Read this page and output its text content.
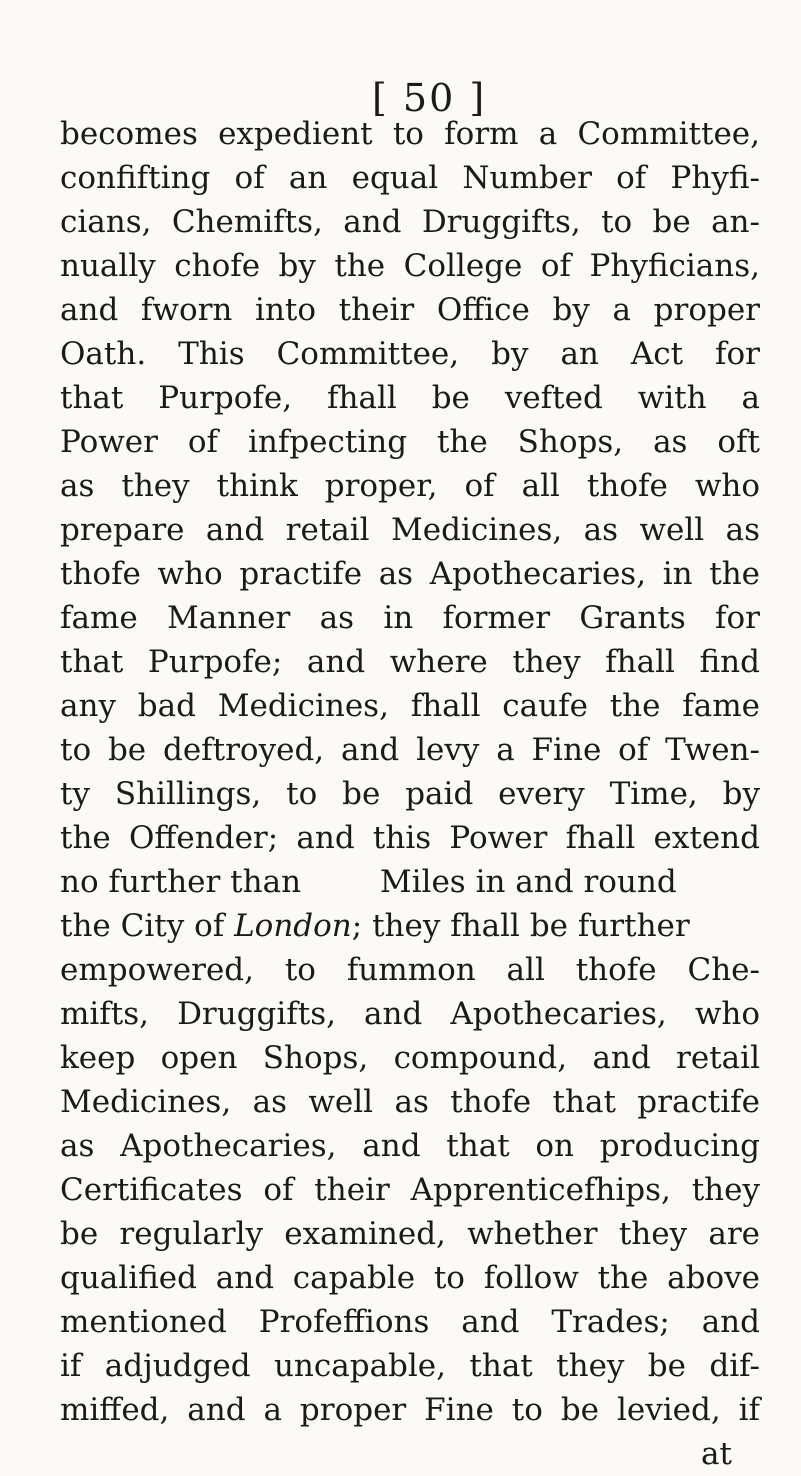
[ 50 ]
becomes expedient to form a Committee,
confifting of an equal Number of Phyfi-
cians, Chemifts, and Druggifts, to be an-
nually chofe by the College of Phyficians,
and fworn into their Office by a proper
Oath. This Committee, by an Act for
that Purpofe, fhall be vefted with a
Power of infpecting the Shops, as oft
as they think proper, of all thofe who
prepare and retail Medicines, as well as
thofe who practife as Apothecaries, in the
fame Manner as in former Grants for
that Purpofe; and where they fhall find
any bad Medicines, fhall caufe the fame
to be deftroyed, and levy a Fine of Twen-
ty Shillings, to be paid every Time, by
the Offender; and this Power fhall extend
no further than        Miles in and round
the City of London; they fhall be further
empowered, to fummon all thofe Che-
mifts, Druggifts, and Apothecaries, who
keep open Shops, compound, and retail
Medicines, as well as thofe that practife
as Apothecaries, and that on producing
Certificates of their Apprenticefhips, they
be regularly examined, whether they are
qualified and capable to follow the above
mentioned Profeffions and Trades; and
if adjudged uncapable, that they be dif-
miffed, and a proper Fine to be levied, if
at
